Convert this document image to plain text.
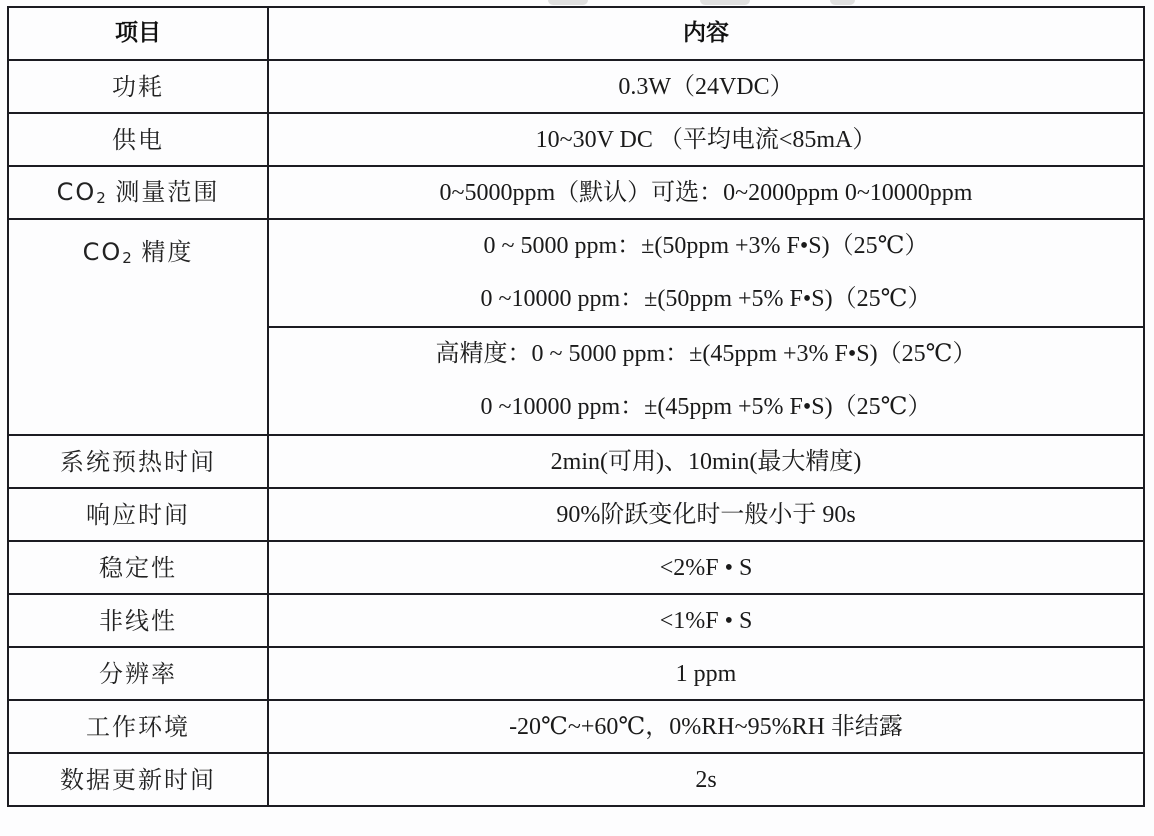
项目	内容
功耗	0.3W（24VDC）
供电	10~30V DC （平均电流<85mA）
$CO_2$ 测量范围	0~5000ppm（默认）可选：0~2000ppm 0~10000ppm
$CO_2$ 精度	0 ~ 5000 ppm：±(50ppm +3% F•S)（25℃）
0 ~10000 ppm：±(50ppm +5% F•S)（25℃）

	高精度：0 ~ 5000 ppm：±(45ppm +3% F•S)（25℃）
0 ~10000 ppm：±(45ppm +5% F•S)（25℃）

系统预热时间	2min(可用)、10min(最大精度)
响应时间	90%阶跃变化时一般小于 90s
稳定性	<2%F • S
非线性	<1%F • S
分辨率	1 ppm
工作环境	-20℃~+60℃，0%RH~95%RH 非结露
数据更新时间	2s
